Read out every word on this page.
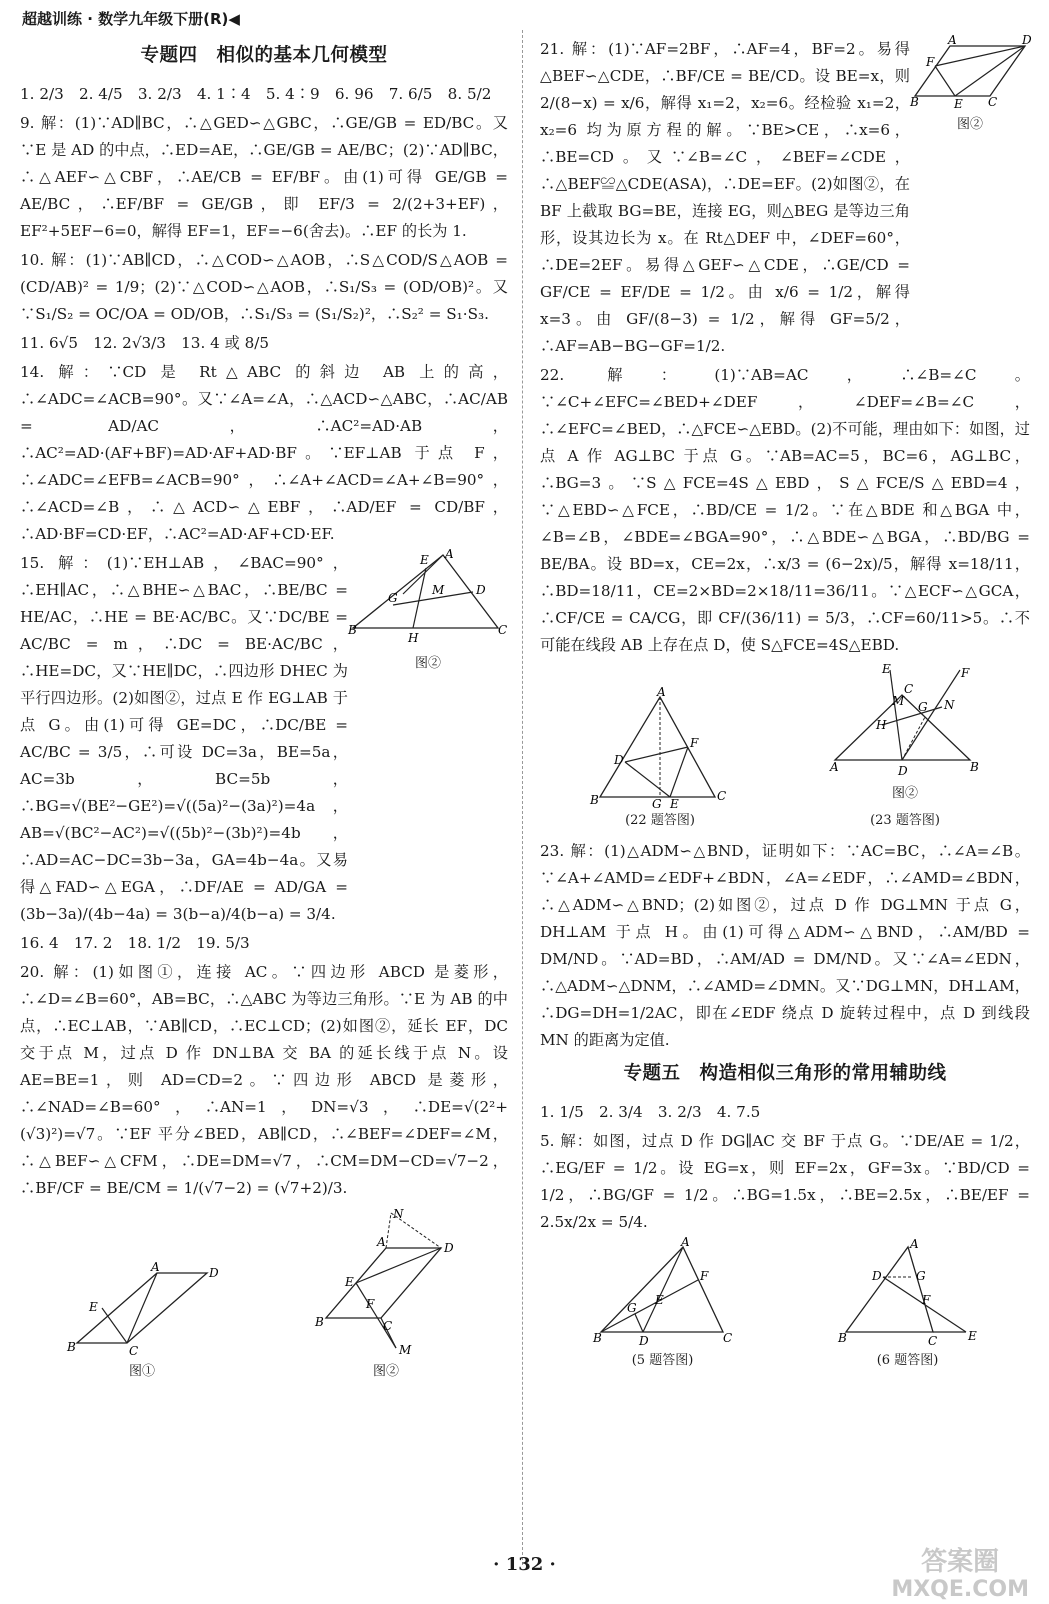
超越训练 · 数学九年级下册(R)◀
专题四　相似的基本几何模型

1. 2/3　2. 4/5　3. 2/3　4. 1∶4　5. 4∶9　6. 96　7. 6/5　8. 5/2

9. 解：(1)∵AD∥BC，∴△GED∽△GBC，∴GE/GB = ED/BC。又∵E 是 AD 的中点，∴ED=AE，∴GE/GB = AE/BC；(2)∵AD∥BC，∴△AEF∽△CBF，∴AE/CB = EF/BF。由(1)可得 GE/GB = AE/BC，∴EF/BF = GE/GB，即 EF/3 = 2/(2+3+EF)，EF²+5EF−6=0，解得 EF=1，EF=−6(舍去)。∴EF 的长为 1.

10. 解：(1)∵AB∥CD，∴△COD∽△AOB，∴S△COD/S△AOB = (CD/AB)² = 1/9；(2)∵△COD∽△AOB，∴S₁/S₃ = (OD/OB)²。又∵S₁/S₂ = OC/OA = OD/OB，∴S₁/S₃ = (S₁/S₂)²，∴S₂² = S₁·S₃.

11. 6√5　12. 2√3/3　13. 4 或 8/5

14. 解：∵CD 是 Rt△ABC 的斜边 AB 上的高，∴∠ADC=∠ACB=90°。又∵∠A=∠A，∴△ACD∽△ABC，∴AC/AB = AD/AC，∴AC²=AD·AB，∴AC²=AD·(AF+BF)=AD·AF+AD·BF。∵EF⊥AB 于点 F，∴∠ADC=∠EFB=∠ACB=90°，∴∠A+∠ACD=∠A+∠B=90°，∴∠ACD=∠B，∴△ACD∽△EBF，∴AD/EF = CD/BF，∴AD·BF=CD·EF，∴AC²=AD·AF+CD·EF.

15. 解：(1)∵EH⊥AB，∠BAC=90°，∴EH∥AC，∴△BHE∽△BAC，∴BE/BC = HE/AC，∴HE = BE·AC/BC。又∵DC/BE = AC/BC = m，∴DC = BE·AC/BC，∴HE=DC，又∵HE∥DC，∴四边形 DHEC 为平行四边形。(2)如图②，过点 E 作 EG⊥AB 于点 G。由(1)可得 GE=DC，∴DC/BE = AC/BC = 3/5，∴可设 DC=3a，BE=5a，AC=3b，BC=5b，∴BG=√(BE²−GE²)=√((5a)²−(3a)²)=4a，AB=√(BC²−AC²)=√((5b)²−(3b)²)=4b，∴AD=AC−DC=3b−3a，GA=4b−4a。又易得△FAD∽△EGA，∴DF/AE = AD/GA = (3b−3a)/(4b−4a) = 3(b−a)/4(b−a) = 3/4.

B	C
A
E
D
G
M
H
图②

16. 4　17. 2　18. 1/2　19. 5/3

20. 解：(1)如图①，连接 AC。∵四边形 ABCD 是菱形，∴∠D=∠B=60°，AB=BC，∴△ABC 为等边三角形。∵E 为 AB 的中点，∴EC⊥AB，∵AB∥CD，∴EC⊥CD；(2)如图②，延长 EF，DC 交于点 M，过点 D 作 DN⊥BA 交 BA 的延长线于点 N。设 AE=BE=1，则 AD=CD=2。∵四边形 ABCD 是菱形，∴∠NAD=∠B=60°，∴AN=1，DN=√3，∴DE=√(2²+(√3)²)=√7。∵EF 平分∠BED，AB∥CD，∴∠BEF=∠DEF=∠M，∴△BEF∽△CFM，∴DE=DM=√7，∴CM=DM−CD=√7−2，∴BF/CF = BE/CM = 1/(√7−2) = (√7+2)/3.

B	C
D
A
E
图①
B	C
D
A
E
F
N
M
图②

21. 解：(1)∵AF=2BF，∴AF=4，BF=2。易得△BEF∽△CDE，∴BF/CE = BE/CD。设 BE=x，则 2/(8−x) = x/6，解得 x₁=2，x₂=6。经检验 x₁=2，x₂=6 均为原方程的解。∵BE>CE，∴x=6，∴BE=CD。又∵∠B=∠C，∠BEF=∠CDE，∴△BEF≌△CDE(ASA)，∴DE=EF。(2)如图②，在 BF 上截取 BG=BE，连接 EG，则△BEG 是等边三角形，设其边长为 x。在 Rt△DEF 中，∠DEF=60°，∴DE=2EF。易得△GEF∽△CDE，∴GE/CD = GF/CE = EF/DE = 1/2。由 x/6 = 1/2，解得 x=3。由 GF/(8−3) = 1/2，解得 GF=5/2，∴AF=AB−BG−GF=1/2.

B	C
A	D
F
E
图②

22. 解：(1)∵AB=AC，∴∠B=∠C。∵∠C+∠EFC=∠BED+∠DEF，∠DEF=∠B=∠C，∴∠EFC=∠BED，∴△FCE∽△EBD。(2)不可能，理由如下：如图，过点 A 作 AG⊥BC 于点 G。∵AB=AC=5，BC=6，AG⊥BC，∴BG=3。∵S△FCE=4S△EBD，S△FCE/S△EBD=4，∵△EBD∽△FCE，∴BD/CE = 1/2。∵在△BDE 和△BGA 中，∠B=∠B，∠BDE=∠BGA=90°，∴△BDE∽△BGA，∴BD/BG = BE/BA。设 BD=x，CE=2x，∴x/3 = (6−2x)/5，解得 x=18/11，∴BD=18/11，CE=2×BD=2×18/11=36/11。∵△ECF∽△GCA，∴CF/CE = CA/CG，即 CF/(36/11) = 5/3，∴CF=60/11>5。∴不可能在线段 AB 上存在点 D，使 S△FCE=4S△EBD.

B	C
A
D
F
G E
(22 题答图)
A	B
D
C
E	F
H
M	N
G
图②
(23 题答图)

23. 解：(1)△ADM∽△BND，证明如下：∵AC=BC，∴∠A=∠B。∵∠A+∠AMD=∠EDF+∠BDN，∠A=∠EDF，∴∠AMD=∠BDN，∴△ADM∽△BND；(2)如图②，过点 D 作 DG⊥MN 于点 G，DH⊥AM 于点 H。由(1)可得△ADM∽△BND，∴AM/BD = DM/ND。∵AD=BD，∴AM/AD = DM/ND。又∵∠A=∠EDN，∴△ADM∽△DNM，∴∠AMD=∠DMN。又∵DG⊥MN，DH⊥AM，∴DG=DH=1/2AC，即在∠EDF 绕点 D 旋转过程中，点 D 到线段 MN 的距离为定值.

专题五　构造相似三角形的常用辅助线

1. 1/5　2. 3/4　3. 2/3　4. 7.5

5. 解：如图，过点 D 作 DG∥AC 交 BF 于点 G。∵DE/AE = 1/2，∴EG/EF = 1/2。设 EG=x，则 EF=2x，GF=3x。∵BD/CD = 1/2，∴BG/GF = 1/2。∴BG=1.5x，∴BE=2.5x，∴BE/EF = 2.5x/2x = 5/4.

B	C
A
F
G
E
D
(5 题答图)
B	C
A
D	G
F
E
(6 题答图)
· 132 ·	答案圈
MXQE.COM
